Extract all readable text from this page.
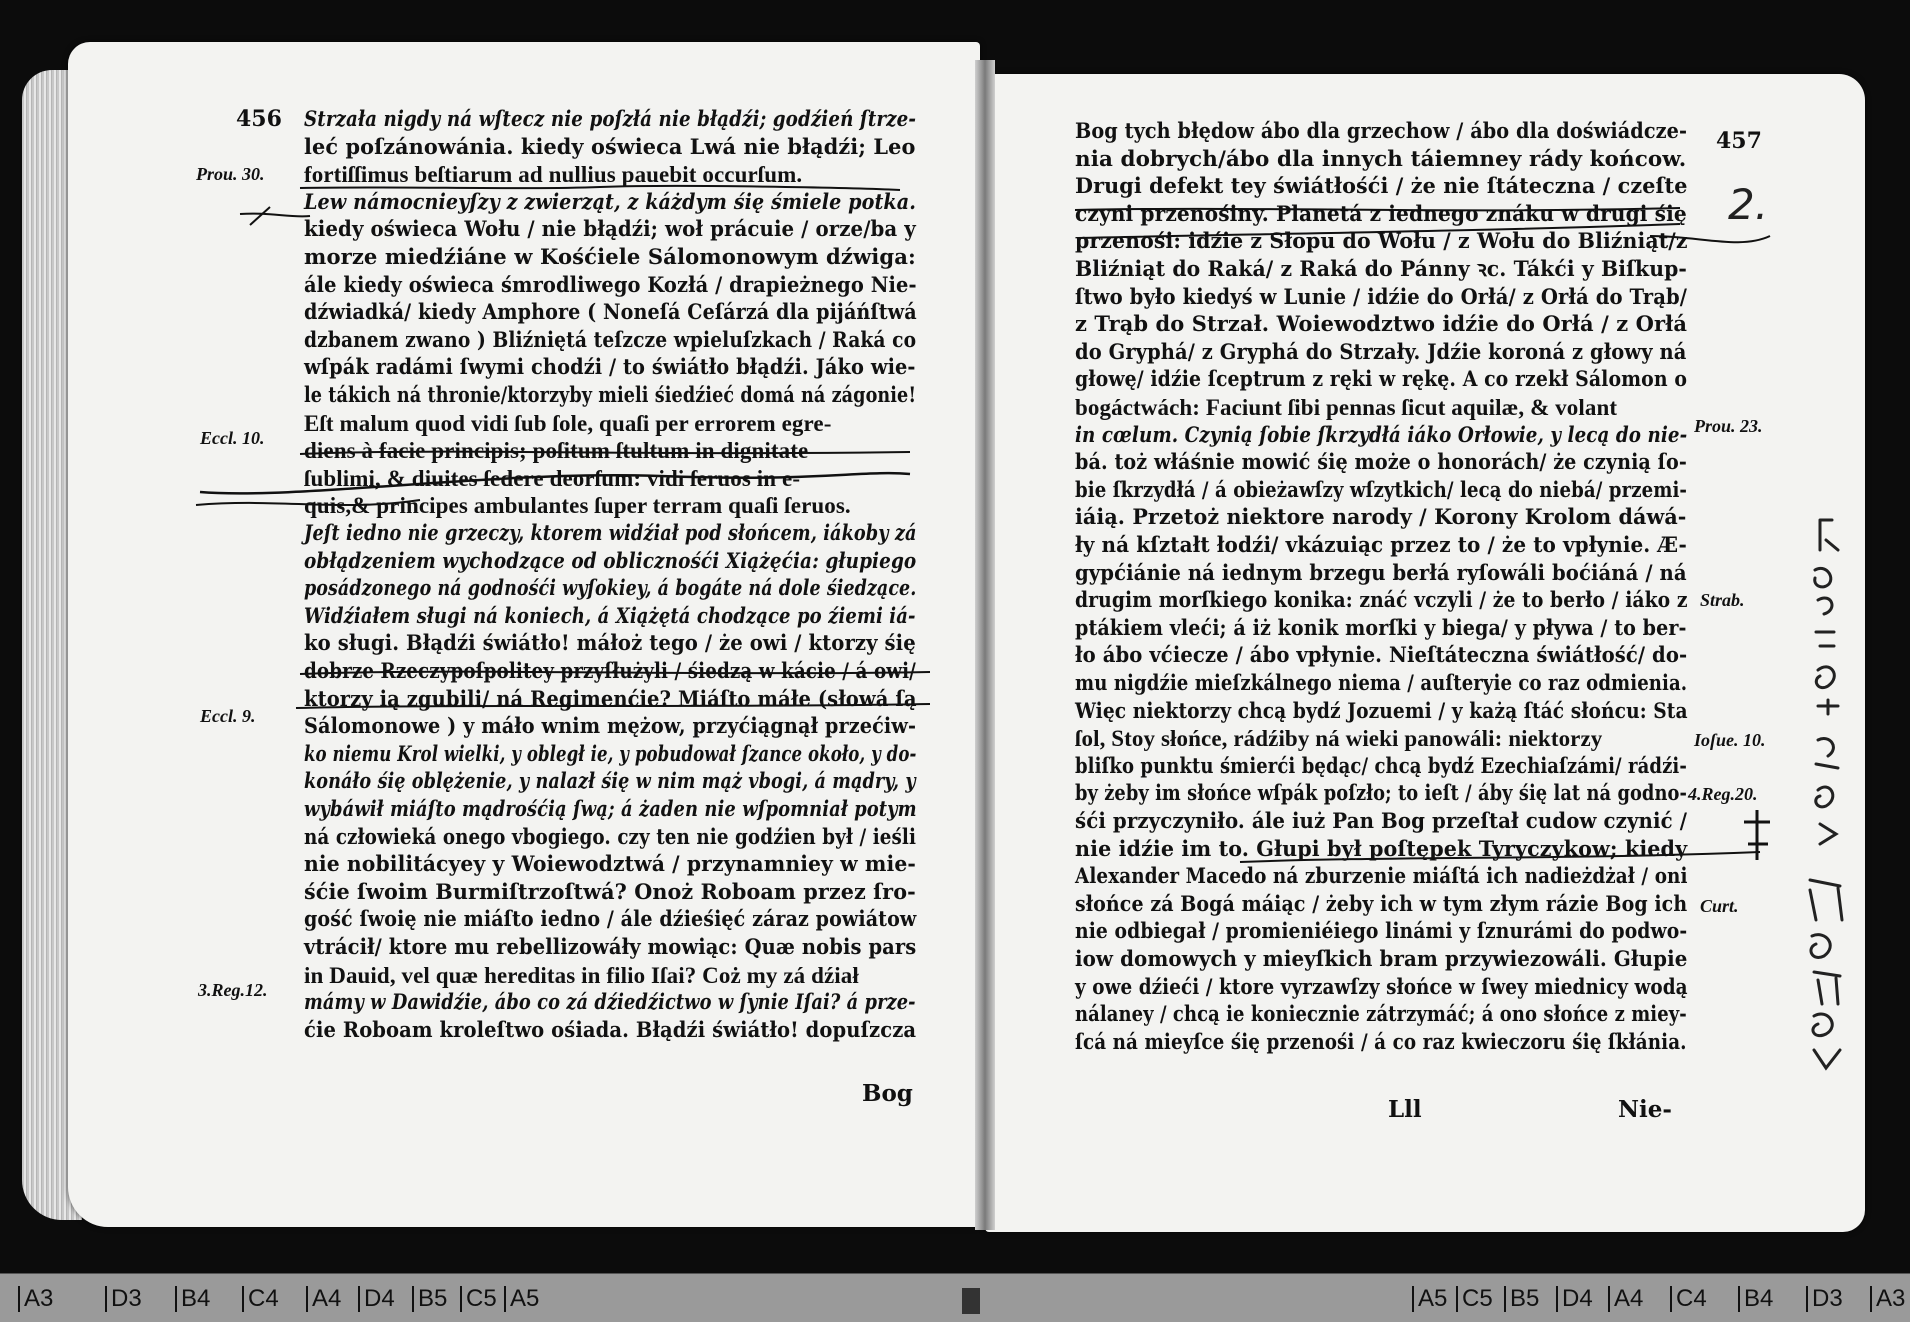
456 Strzała nigdy ná wſtecz nie poſzłá nie błądźi; godźień ſtrze-
leć poſzánowánia. kiedy oświeca Lwá nie błądźi; Leo
fortiſſimus beſtiarum ad nullius pauebit occurſum.
Lew námocnieyſzy z zwierząt, z káżdym śię śmiele potka.
kiedy oświeca Wołu / nie błądźi; woł prácuie / orze/ba y
morze miedźiáne w Kośćiele Sálomonowym dźwiga:
ále kiedy oświeca śmrodliwego Kozłá / drapieżnego Nie-
dźwiadká/ kiedy Amphore ( Noneſá Ceſárzá dla pijáńſtwá
dzbanem zwano ) Bliźniętá teſzcze wpieluſzkach / Raká co
wſpák radámi ſwymi chodźi / to świátło błądźi. Jáko wie-
le tákich ná thronie/ktorzyby mieli śiedźieć domá ná zágonie!
Eſt malum quod vidi ſub ſole, quaſi per errorem egre-
diens à facie principis; poſitum ſtultum in dignitate
ſublimi, & diuites ſedere deorſum: vidi ſeruos in e-
quis,& principes ambulantes ſuper terram quaſi ſeruos.
Jeſt iedno nie grzeczy, ktorem widźiał pod słońcem, iákoby zá
obłądzeniem wychodzące od oblicznośći Xiążęćia: głupiego
posádzonego ná godnośći wyſokiey, á bogáte ná dole śiedzące.
Widźiałem sługi ná koniech, á Xiążętá chodzące po źiemi iá-
ko sługi. Błądźi świátło! máłoż tego / że owi / ktorzy śię
dobrze Rzeczypoſpolitey przyſłużyli / śiedzą w kácie / á owi/
ktorzy ią zgubili/ ná Regimenćie? Miáſto máłe (słowá ſą
Sálomonowe ) y máło wnim mężow, przyćiągnął przećiw-
ko niemu Krol wielki, y obległ ie, y pobudował ſzance około, y do-
konáło śię oblężenie, y nalazł śię w nim mąż vbogi, á mądry, y
wybáwił miáſto mądrośćią ſwą; á żaden nie wſpomniał potym
ná człowieká onego vbogiego. czy ten nie godźien był / ieśli
nie nobilitácyey y Woiewodztwá / przynamniey w mie-
śćie ſwoim Burmiſtrzoſtwá? Onoż Roboam przez ſro-
gość ſwoię nie miáſto iedno / ále dźieśięć záraz powiátow
vtrácił/ ktore mu rebellizowáły mowiąc: Quæ nobis pars
in Dauid, vel quæ hereditas in filio Iſai? Coż my zá dźiał
mámy w Dawidźie, ábo co zá dźiedźictwo w ſynie Iſai? á prze-
ćie Roboam kroleſtwo ośiada. Błądźi świátło! dopuſzcza
Prou. 30.
Eccl. 10.
Eccl. 9.
3.Reg.12.
Bog
Bog tych błędow ábo dla grzechow / ábo dla doświádcze-
nia dobrych/ábo dla innych táiemney rády końcow.
Drugi defekt tey świátłośći / że nie ſtáteczna / czeſte
czyni przenośiny. Planetá z iednego znáku w drugi śię
przenośi: idźie z Słopu do Wołu / z Wołu do Bliźniąt/z
Bliźniąt do Raká/ z Raká do Pánny ꝛc. Tákći y Biſkup-
ſtwo było kiedyś w Lunie / idźie do Orłá/ z Orłá do Trąb/
z Trąb do Strzał. Woiewodztwo idźie do Orłá / z Orłá
do Gryphá/ z Gryphá do Strzały. Jdźie koroná z głowy ná
głowę/ idźie ſceptrum z ręki w rękę. A co rzekł Sálomon o
bogáctwách: Faciunt ſibi pennas ſicut aquilæ, & volant
in cœlum. Czynią ſobie ſkrzydłá iáko Orłowie, y lecą do nie-
bá. toż włáśnie mowić śię może o honorách/ że czynią ſo-
bie ſkrzydłá / á obieżawſzy wſzytkich/ lecą do niebá/ przemi-
iáią. Przetoż niektore narody / Korony Krolom dáwá-
ły ná kſztałt łodźi/ vkázuiąc przez to / że to vpłynie. Æ-
gypćiánie ná iednym brzegu berłá ryſowáli boćiáná / ná
drugim morſkiego konika: znáć vczyli / że to berło / iáko z
ptákiem vleći; á iż konik morſki y biega/ y pływa / to ber-
ło ábo vćiecze / ábo vpłynie. Nieſtáteczna świátłość/ do-
mu nigdźie mieſzkálnego niema / auſteryie co raz odmienia.
Więc niektorzy chcą bydź Jozuemi / y każą ſtáć słońcu: Sta
ſol, Stoy słońce, rádźiby ná wieki panowáli: niektorzy
bliſko punktu śmierći będąc/ chcą bydź Ezechiaſzámi/ rádźi-
by żeby im słońce wſpák poſzło; to ieſt / áby śię lat ná godno-
śći przyczyniło. ále iuż Pan Bog przeſtał cudow czynić /
nie idźie im to. Głupi był poſtępek Tyryczykow; kiedy
Alexander Macedo ná zburzenie miáſtá ich nadieżdżał / oni
słońce zá Bogá máiąc / żeby ich w tym złym rázie Bog ich
nie odbiegał / promieniéiego linámi y ſznurámi do podwo-
iow domowych y mieyſkich bram przywiezowáli. Głupie
y owe dźieći / ktore vyrzawſzy słońce w ſwey miednicy wodą
nálaney / chcą ie koniecznie zátrzymáć; á ono słońce z miey-
ſcá ná mieyſce śię przenośi / á co raz kwieczoru śię ſkłánia.
457
Prou. 23.
Strab.
Ioſue. 10.
4.Reg.20.
Curt.
Lll	Nie-
2.
A3 D3 B4 C4 A4 D4 B5 C5 A5	A5 C5 B5 D4 A4 C4 B4 D3 A3
